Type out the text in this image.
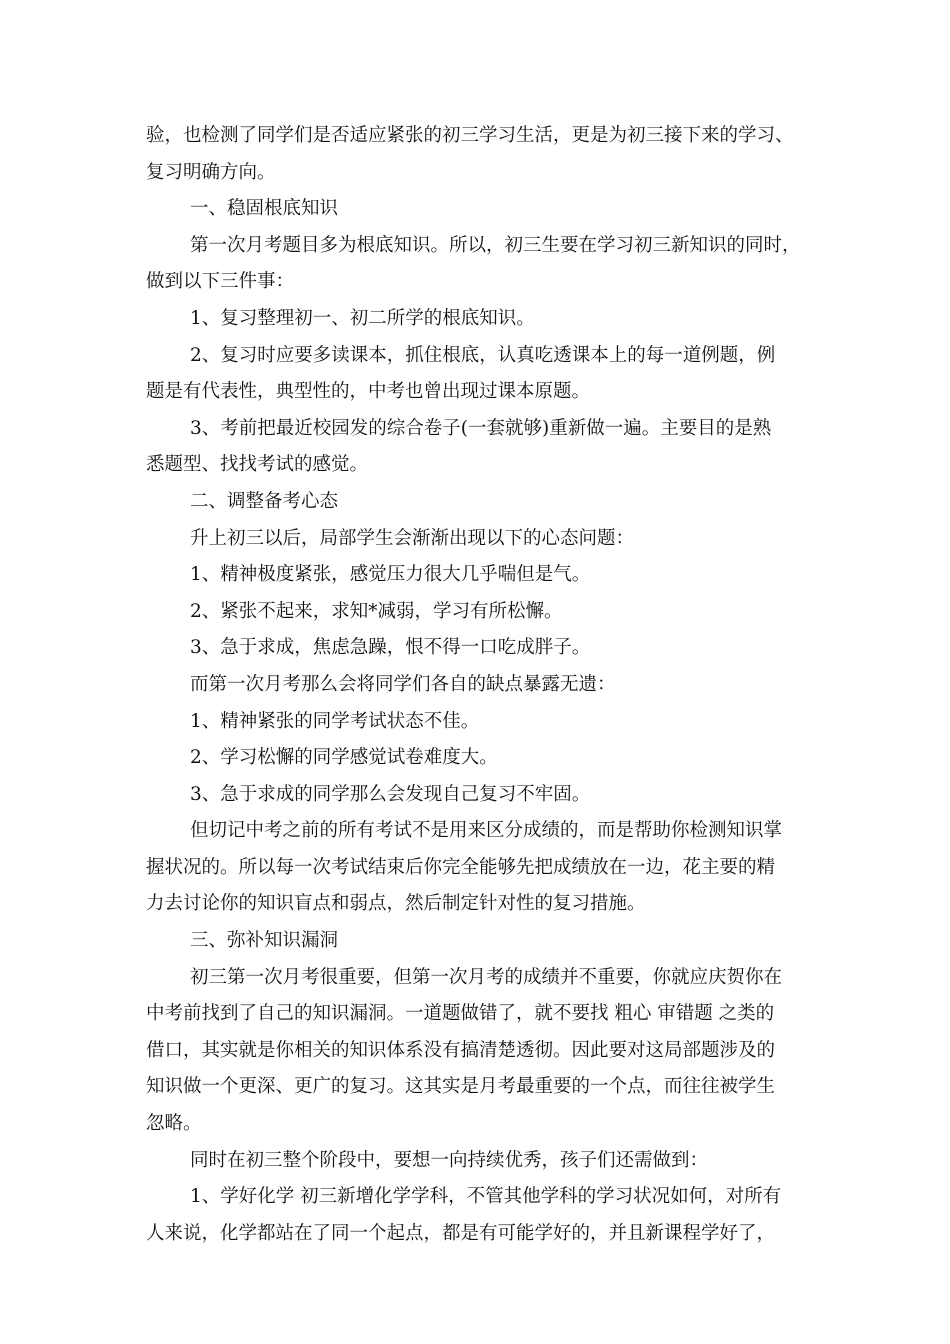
验，也检测了同学们是否适应紧张的初三学习生活，更是为初三接下来的学习、

复习明确方向。

一、稳固根底知识

第一次月考题目多为根底知识。所以，初三生要在学习初三新知识的同时，

做到以下三件事：

1、复习整理初一、初二所学的根底知识。

2、复习时应要多读课本，抓住根底，认真吃透课本上的每一道例题，例

题是有代表性，典型性的，中考也曾出现过课本原题。

3、考前把最近校园发的综合卷子(一套就够)重新做一遍。主要目的是熟

悉题型、找找考试的感觉。

二、调整备考心态

升上初三以后，局部学生会渐渐出现以下的心态问题：

1、精神极度紧张，感觉压力很大几乎喘但是气。

2、紧张不起来，求知*减弱，学习有所松懈。

3、急于求成，焦虑急躁，恨不得一口吃成胖子。

而第一次月考那么会将同学们各自的缺点暴露无遗：

1、精神紧张的同学考试状态不佳。

2、学习松懈的同学感觉试卷难度大。

3、急于求成的同学那么会发现自己复习不牢固。

但切记中考之前的所有考试不是用来区分成绩的，而是帮助你检测知识掌

握状况的。所以每一次考试结束后你完全能够先把成绩放在一边，花主要的精

力去讨论你的知识盲点和弱点，然后制定针对性的复习措施。

三、弥补知识漏洞

初三第一次月考很重要，但第一次月考的成绩并不重要，你就应庆贺你在

中考前找到了自己的知识漏洞。一道题做错了，就不要找 粗心 审错题 之类的

借口，其实就是你相关的知识体系没有搞清楚透彻。因此要对这局部题涉及的

知识做一个更深、更广的复习。这其实是月考最重要的一个点，而往往被学生

忽略。

同时在初三整个阶段中，要想一向持续优秀，孩子们还需做到：

1、学好化学 初三新增化学学科，不管其他学科的学习状况如何，对所有

人来说，化学都站在了同一个起点，都是有可能学好的，并且新课程学好了，
